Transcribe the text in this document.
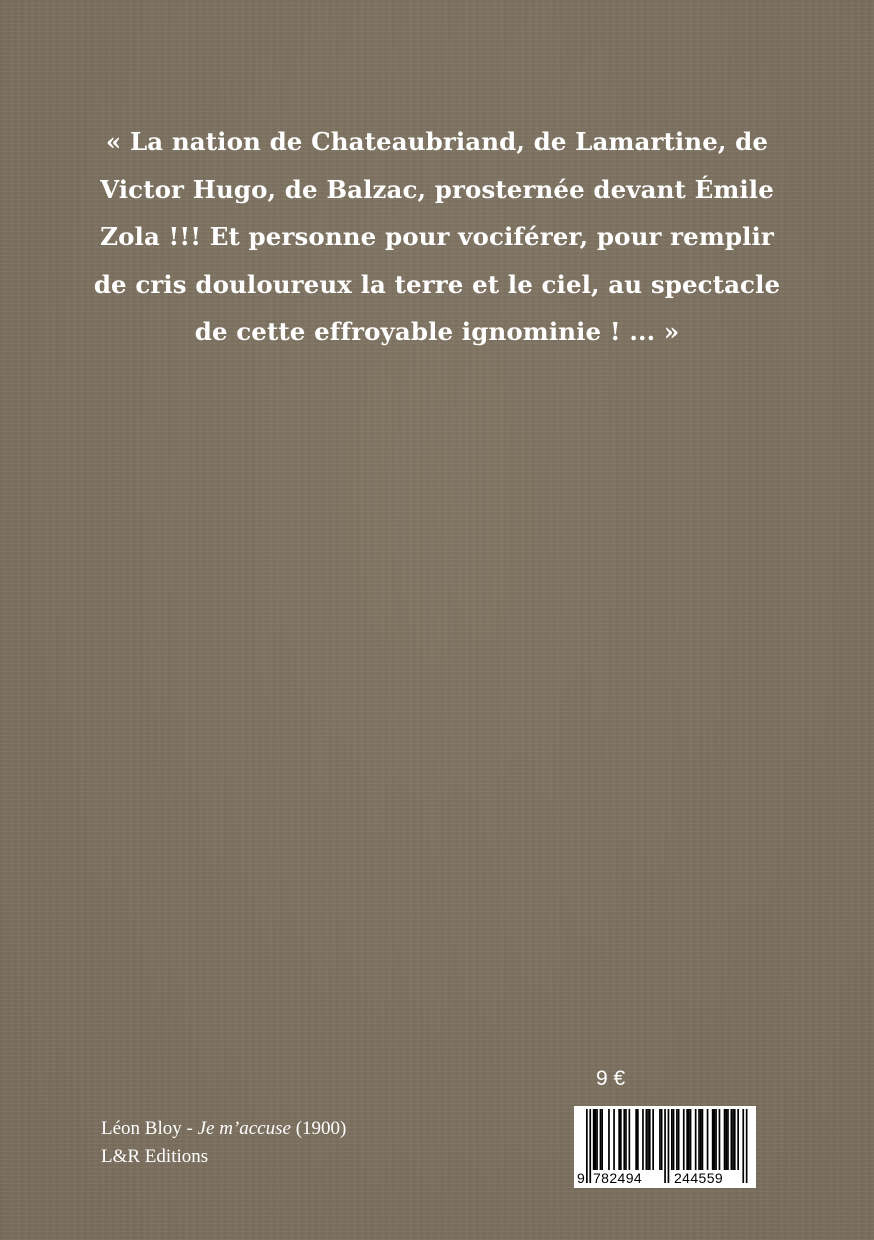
« La nation de Chateaubriand, de Lamartine, de
Victor Hugo, de Balzac, prosternée devant Émile
Zola !!! Et personne pour vociférer, pour remplir
de cris douloureux la terre et le ciel, au spectacle
de cette effroyable ignominie ! ... »

Léon Bloy - Je m’accuse (1900)
L&R Editions
9 €
9 782494 244559
